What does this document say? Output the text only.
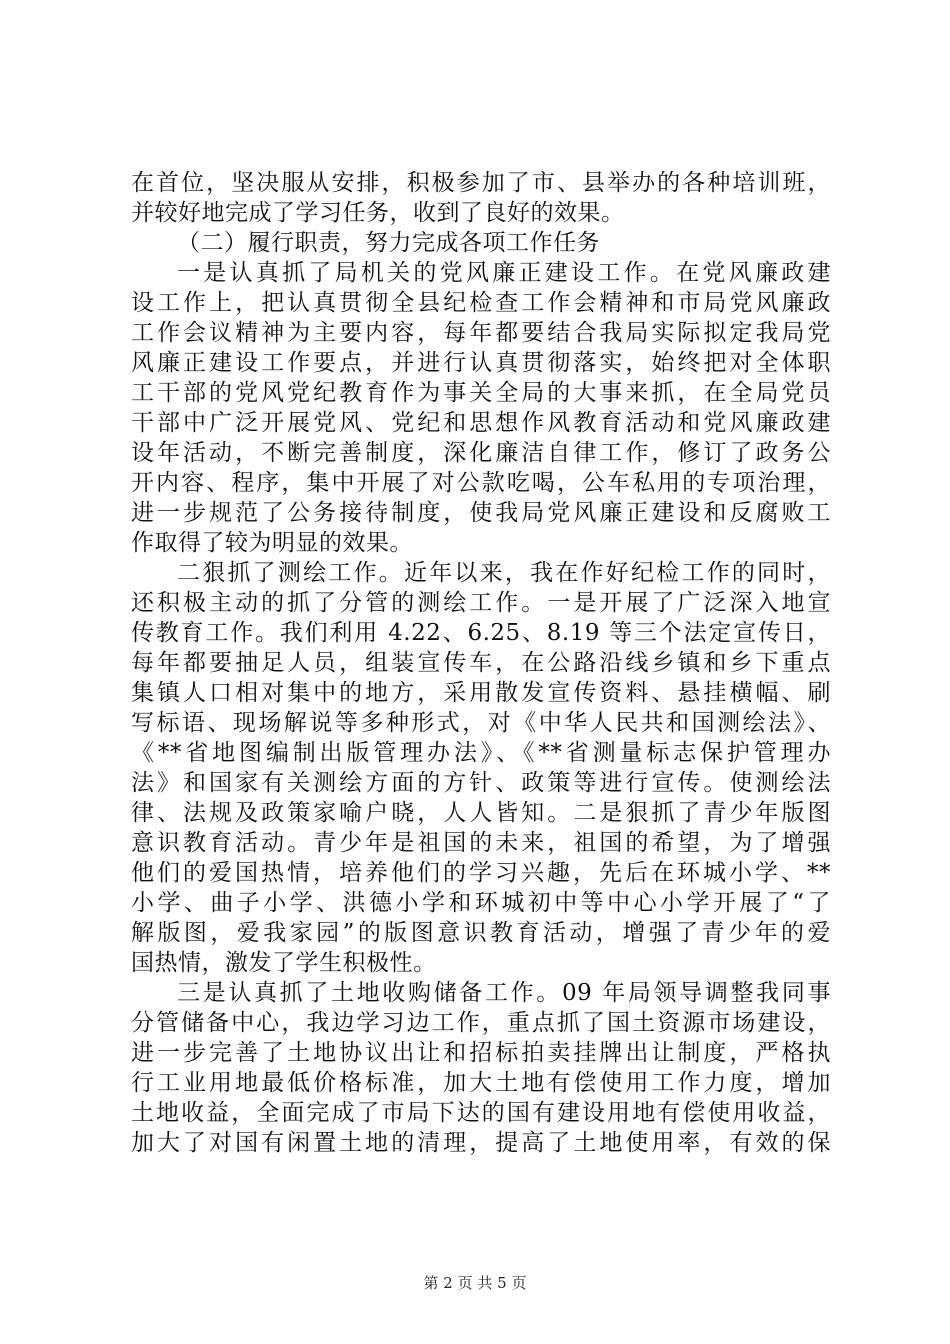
在首位，坚决服从安排，积极参加了市、县举办的各种培训班，
并较好地完成了学习任务，收到了良好的效果。
（二）履行职责，努力完成各项工作任务
一是认真抓了局机关的党风廉正建设工作。在党风廉政建
设工作上，把认真贯彻全县纪检查工作会精神和市局党风廉政
工作会议精神为主要内容，每年都要结合我局实际拟定我局党
风廉正建设工作要点，并进行认真贯彻落实，始终把对全体职
工干部的党风党纪教育作为事关全局的大事来抓，在全局党员
干部中广泛开展党风、党纪和思想作风教育活动和党风廉政建
设年活动，不断完善制度，深化廉洁自律工作，修订了政务公
开内容、程序，集中开展了对公款吃喝，公车私用的专项治理，
进一步规范了公务接待制度，使我局党风廉正建设和反腐败工
作取得了较为明显的效果。
二狠抓了测绘工作。近年以来，我在作好纪检工作的同时，
还积极主动的抓了分管的测绘工作。一是开展了广泛深入地宣
传教育工作。我们利用 4.22、6.25、8.19 等三个法定宣传日，
每年都要抽足人员，组装宣传车，在公路沿线乡镇和乡下重点
集镇人口相对集中的地方，采用散发宣传资料、悬挂横幅、刷
写标语、现场解说等多种形式，对《中华人民共和国测绘法》、
《**省地图编制出版管理办法》、《**省测量标志保护管理办
法》和国家有关测绘方面的方针、政策等进行宣传。使测绘法
律、法规及政策家喻户晓，人人皆知。二是狠抓了青少年版图
意识教育活动。青少年是祖国的未来，祖国的希望，为了增强
他们的爱国热情，培养他们的学习兴趣，先后在环城小学、**
小学、曲子小学、洪德小学和环城初中等中心小学开展了“了
解版图，爱我家园”的版图意识教育活动，增强了青少年的爱
国热情，激发了学生积极性。
三是认真抓了土地收购储备工作。09 年局领导调整我同事
分管储备中心，我边学习边工作，重点抓了国土资源市场建设，
进一步完善了土地协议出让和招标拍卖挂牌出让制度，严格执
行工业用地最低价格标准，加大土地有偿使用工作力度，增加
土地收益，全面完成了市局下达的国有建设用地有偿使用收益，
加大了对国有闲置土地的清理，提高了土地使用率，有效的保
第 2 页 共 5 页
